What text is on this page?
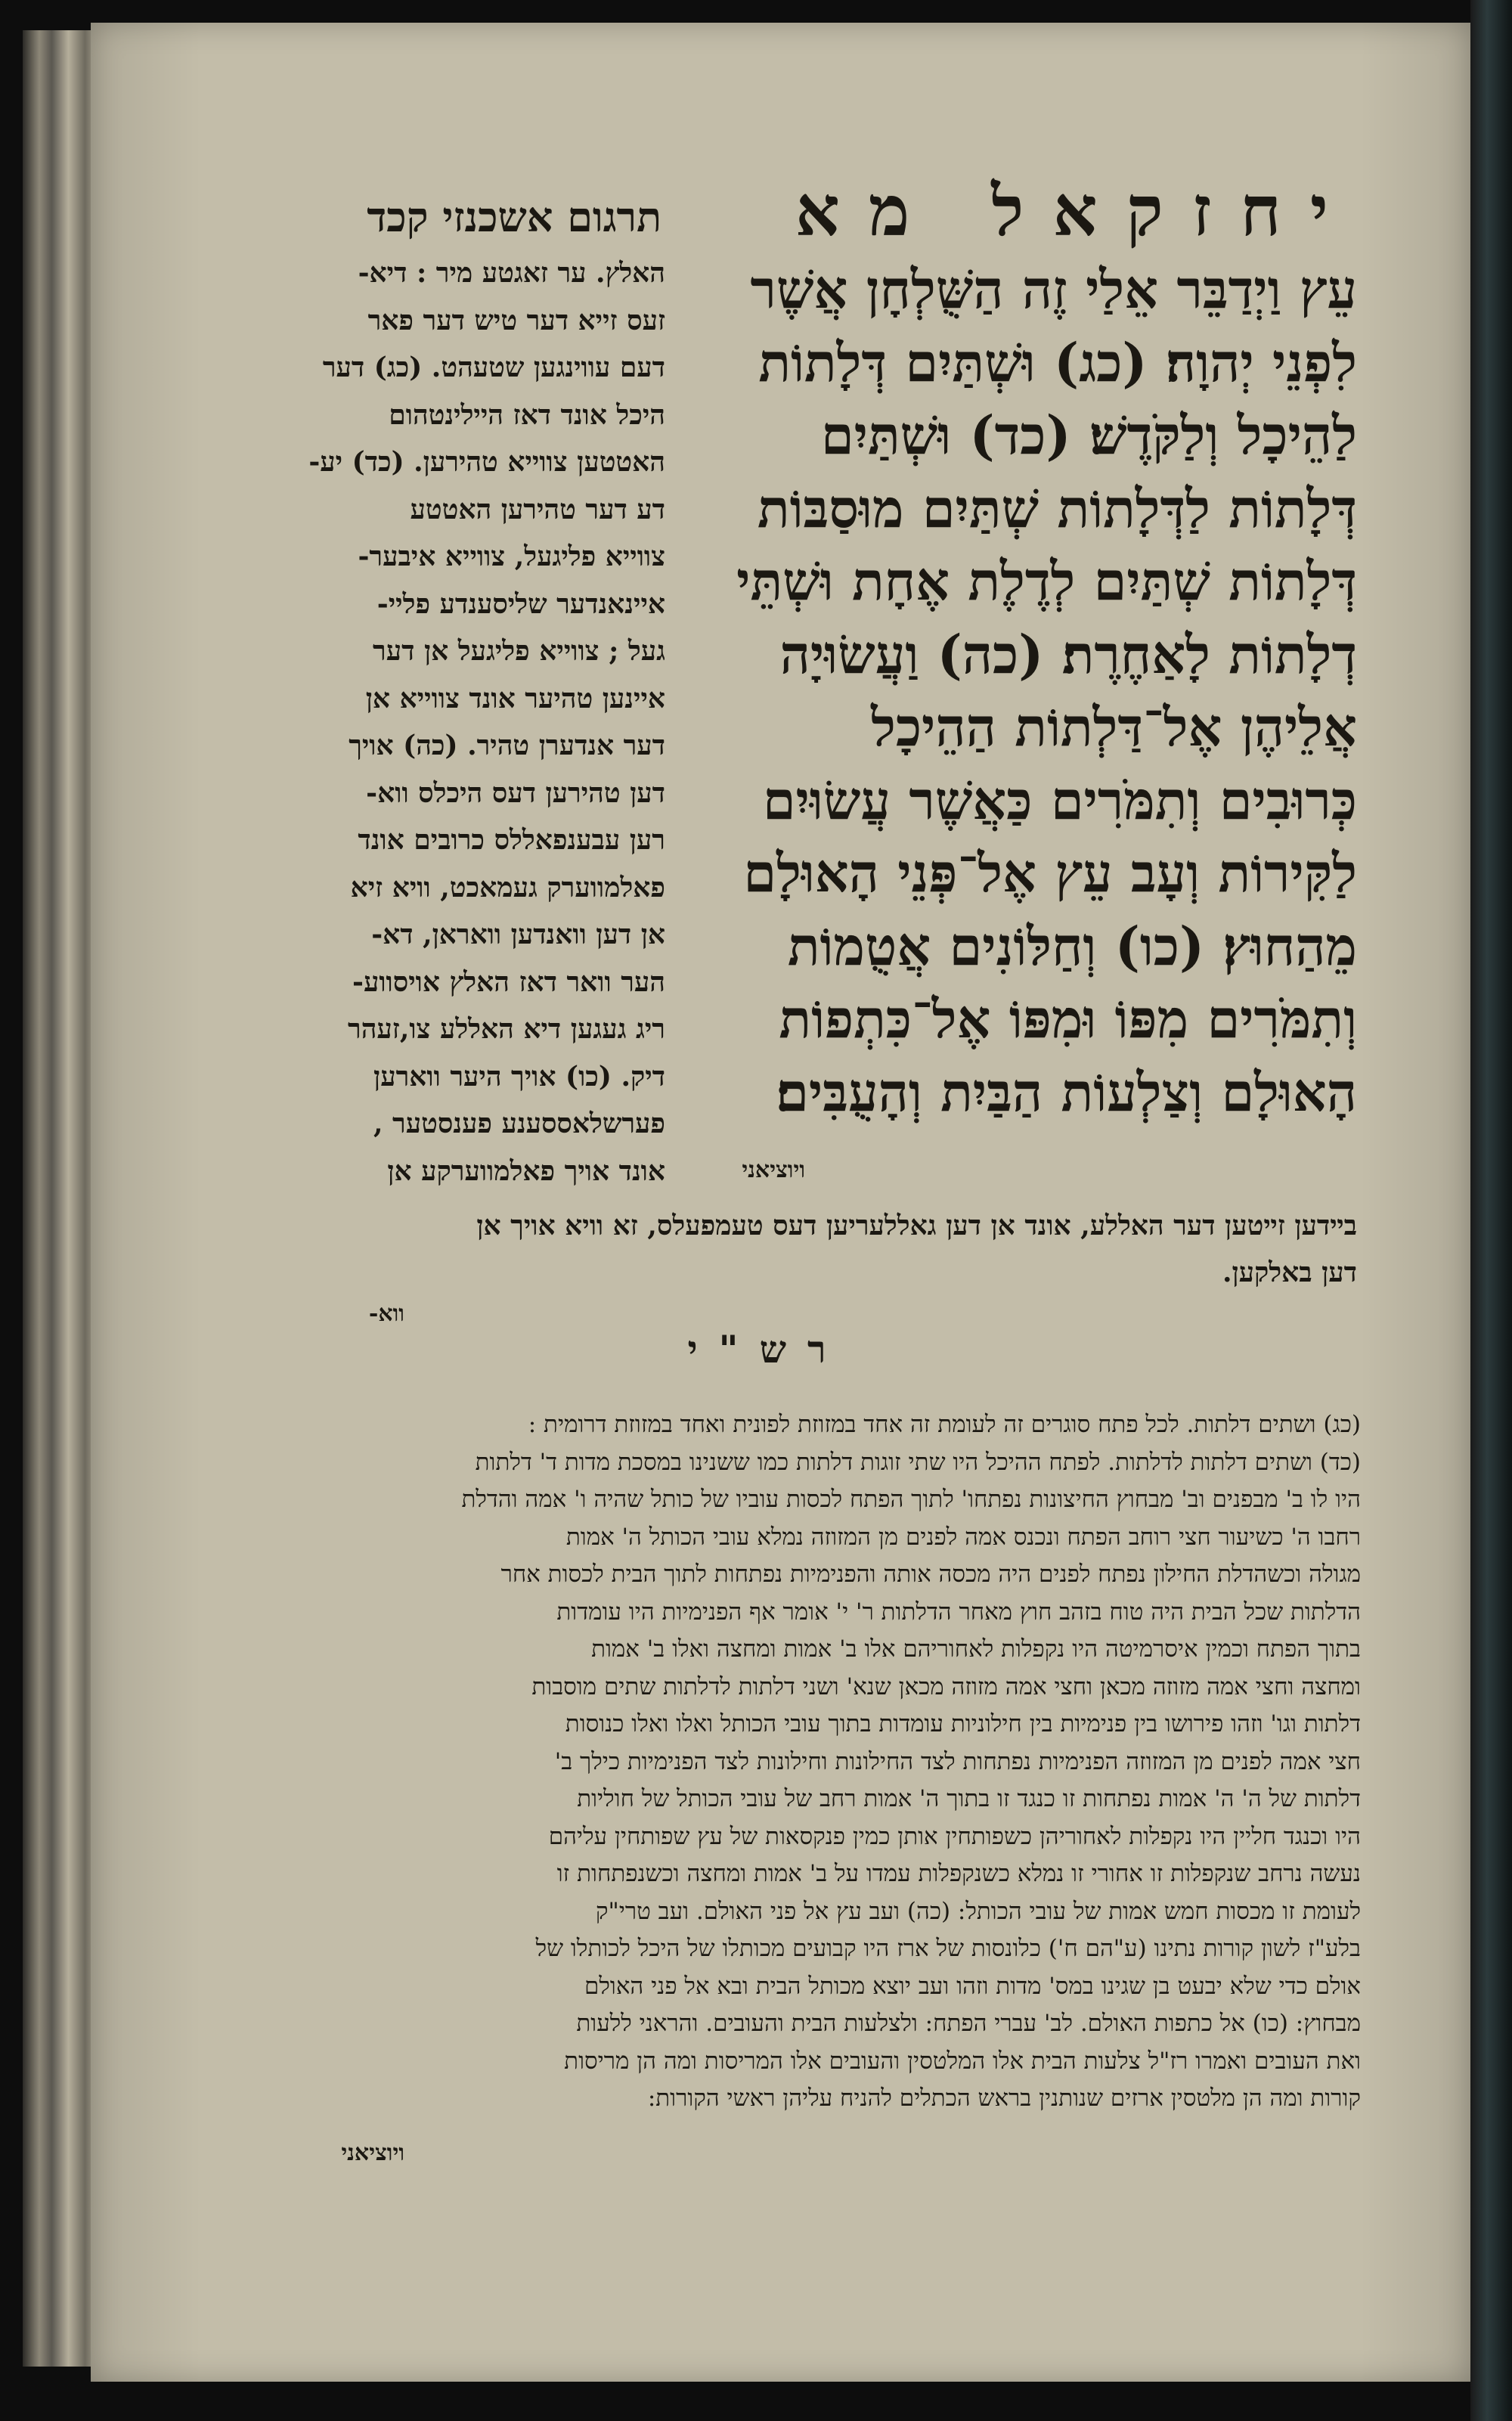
יחזקאל מא
תרגום אשכנזי קכד
עֵץ וַיְדַבֵּר אֵלַי זֶה הַשֻּׁלְחָן אֲשֶׁר
לִפְנֵי יְהוָה׃ (כג) וּשְׁתַּיִם דְּלָתוֹת
לַהֵיכָל וְלַקֹּדֶשׁ׃ (כד) וּשְׁתַּיִם
דְּלָתוֹת לַדְּלָתוֹת שְׁתַּיִם מוּסַבּוֹת
דְּלָתוֹת שְׁתַּיִם לְדֶלֶת אֶחָת וּשְׁתֵּי
דְלָתוֹת לָאַחֶרֶת׃ (כה) וַעֲשׂוּיָה
אֲלֵיהֶן אֶל־דַּלְתוֹת הַהֵיכָל
כְּרוּבִים וְתִמֹּרִים כַּאֲשֶׁר עֲשׂוּיִם
לַקִּירוֹת וְעָב עֵץ אֶל־פְּנֵי הָאוּלָם
מֵהַחוּץ׃ (כו) וְחַלּוֹנִים אֲטֻמוֹת
וְתִמֹּרִים מִפּוֹ וּמִפּוֹ אֶל־כִּתְפוֹת
הָאוּלָם וְצַלְעוֹת הַבַּיִת וְהָעֻבִּים׃
ויוציאני
האלץ. ער זאגטע מיר : דיא-
זעס זייא דער טיש דער פאר
דעם עווינגען שטעהט. (כג) דער
היכל אונד דאז היילינטהום
האטטען צווייא טהירען. (כד) יע-
דע דער טהירען האטטע
צווייא פליגעל, צווייא איבער-
איינאנדער שליסענדע פליי-
געל ; צווייא פליגעל אן דער
איינען טהיער אונד צווייא אן
דער אנדערן טהיר. (כה) אויך
דען טהירען דעס היכלס ווא-
רען עבענפאללס כרובים אונד
פאלמווערק געמאכט, וויא זיא
אן דען וואנדען וואראן, דא-
הער וואר דאז האלץ אויסווע-
ריג געגען דיא האללע צו,זעהר
דיק. (כו) אויך היער ווארען
פערשלאססענע פענסטער ,
אונד אויך פאלמווערקע אן
בײדען זײטען דער האללע, אונד אן דען גאללעריען דעס טעמפעלס, זא וויא אויך אן
דען באלקען.
ווא-
רש"י
(כג) ושתים דלתות. לכל פתח סוגרים זה לעומת זה אחד במזוזת לפונית ואחד במזוזת דרומית :
(כד) ושתים דלתות לדלתות. לפתח ההיכל היו שתי זוגות דלתות כמו ששנינו במסכת מדות ד' דלתות
היו לו ב' מבפנים וב' מבחוץ החיצונות נפתחו' לתוך הפתח לכסות עוביו של כותל שהיה ו' אמה והדלת
רחבו ה' כשיעור חצי רוחב הפתח ונכנס אמה לפנים מן המזוזה נמלא עובי הכותל ה' אמות
מגולה וכשהדלת החילון נפתח לפנים היה מכסה אותה והפנימיות נפתחות לתוך הבית לכסות אחר
הדלתות שכל הבית היה טוח בזהב חוץ מאחר הדלתות ר' י' אומר אף הפנימיות היו עומדות
בתוך הפתח וכמין איסרמיטה היו נקפלות לאחוריהם אלו ב' אמות ומחצה ואלו ב' אמות
ומחצה וחצי אמה מזוזה מכאן וחצי אמה מזוזה מכאן שנא' ושני דלתות לדלתות שתים מוסבות
דלתות וגו' וזהו פירושו בין פנימיות בין חילוניות עומדות בתוך עובי הכותל ואלו ואלו כנוסות
חצי אמה לפנים מן המזוזה הפנימיות נפתחות לצד החילונות וחילונות לצד הפנימיות כילך ב'
דלתות של ה' ה' אמות נפתחות זו כנגד זו בתוך ה' אמות רחב של עובי הכותל של חוליות
היו וכנגד חליין היו נקפלות לאחוריהן כשפותחין אותן כמין פנקסאות של עץ שפותחין עליהם
נעשה נרחב שנקפלות זו אחורי זו נמלא כשנקפלות עמדו על ב' אמות ומחצה וכשנפתחות זו
לעומת זו מכסות חמש אמות של עובי הכותל: (כה) ועב עץ אל פני האולם. ועב טרי"ק
בלע"ז לשון קורות נתינו (ע"הם ח') כלונסות של ארז היו קבועים מכותלו של היכל לכותלו של
אולם כדי שלא יבעט בן שגינו במס' מדות וזהו ועב יוצא מכותל הבית ובא אל פני האולם
מבחוץ: (כו) אל כתפות האולם. לב' עברי הפתח: ולצלעות הבית והעובים. והראני ללעות
ואת העובים ואמרו רז"ל צלעות הבית אלו המלטסין והעובים אלו המריסות ומה הן מריסות
קורות ומה הן מלטסין ארזים שנותנין בראש הכתלים להניח עליהן ראשי הקורות:
ויוציאני
